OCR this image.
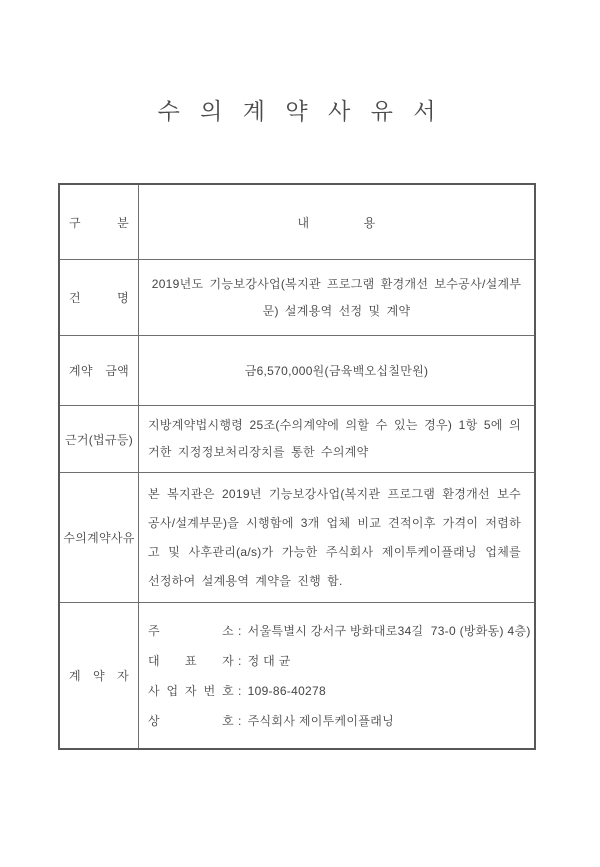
수 의 계 약 사 유 서
구 분	내 용
건 명
2019년도 기능보강사업(복지관 프로그램 환경개선 보수공사/설계부문) 설계용역 선정 및 계약
계약 금액	금6,570,000원(금육백오십칠만원)
근거(법규등)

지방계약법시행령 25조(수의계약에 의할 수 있는 경우) 1항 5에 의거한 지정정보처리장치를 통한 수의계약

수의계약사유

본 복지관은 2019년 기능보강사업(복지관 프로그램 환경개선 보수공사/설계부문)을 시행함에 3개 업체 비교 견적이후 가격이 저렴하고 및 사후관리(a/s)가 가능한 주식회사 제이투케이플래닝 업체를 선정하여 설계용역 계약을 진행 함.

계 약 자
주 소 : 서울특별시 강서구 방화대로34길  73-0 (방화동) 4층)
대 표 자 : 정 대 균
사 업 자 번 호 : 109-86-40278
상 호 : 주식회사 제이투케이플래닝
